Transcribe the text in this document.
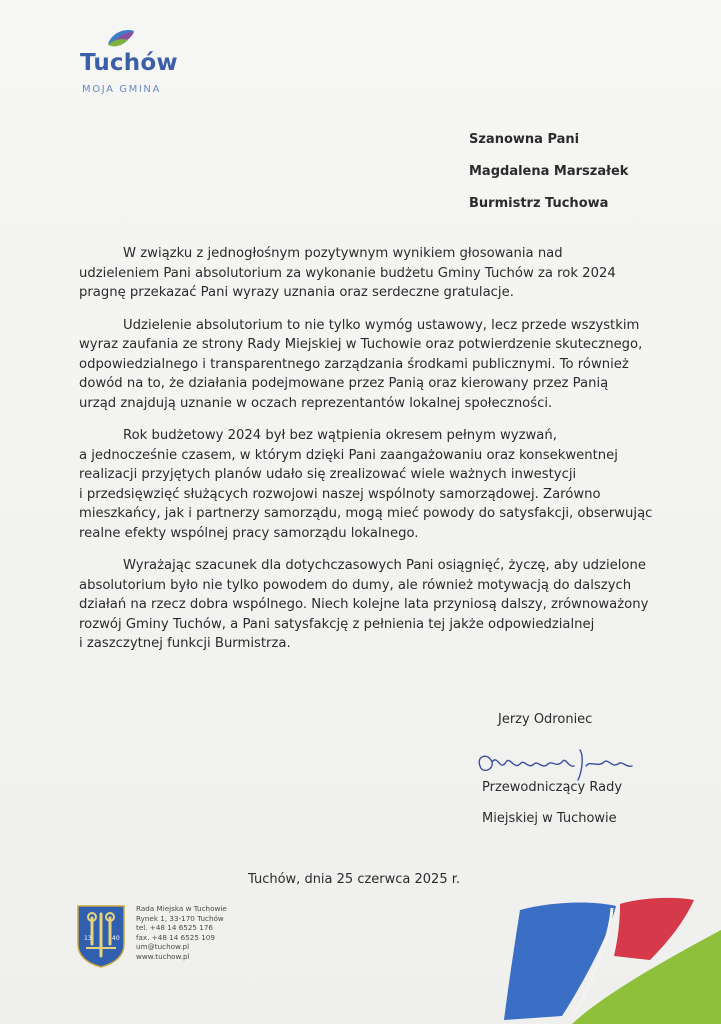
Tuchów
MOJA GMINA
Szanowna Pani
Magdalena Marszałek
Burmistrz Tuchowa
W związku z jednogłośnym pozytywnym wynikiem głosowania nad
udzieleniem Pani absolutorium za wykonanie budżetu Gminy Tuchów za rok 2024
pragnę przekazać Pani wyrazy uznania oraz serdeczne gratulacje.
Udzielenie absolutorium to nie tylko wymóg ustawowy, lecz przede wszystkim
wyraz zaufania ze strony Rady Miejskiej w Tuchowie oraz potwierdzenie skutecznego,
odpowiedzialnego i transparentnego zarządzania środkami publicznymi. To również
dowód na to, że działania podejmowane przez Panią oraz kierowany przez Panią
urząd znajdują uznanie w oczach reprezentantów lokalnej społeczności.
Rok budżetowy 2024 był bez wątpienia okresem pełnym wyzwań,
a jednocześnie czasem, w którym dzięki Pani zaangażowaniu oraz konsekwentnej
realizacji przyjętych planów udało się zrealizować wiele ważnych inwestycji
i przedsięwzięć służących rozwojowi naszej wspólnoty samorządowej. Zarówno
mieszkańcy, jak i partnerzy samorządu, mogą mieć powody do satysfakcji, obserwując
realne efekty wspólnej pracy samorządu lokalnego.
Wyrażając szacunek dla dotychczasowych Pani osiągnięć, życzę, aby udzielone
absolutorium było nie tylko powodem do dumy, ale również motywacją do dalszych
działań na rzecz dobra wspólnego. Niech kolejne lata przyniosą dalszy, zrównoważony
rozwój Gminy Tuchów, a Pani satysfakcję z pełnienia tej jakże odpowiedzialnej
i zaszczytnej funkcji Burmistrza.
Jerzy Odroniec
Przewodniczący Rady
Miejskiej w Tuchowie
Tuchów, dnia 25 czerwca 2025 r.
13	40
Rada Miejska w Tuchowie
Rynek 1, 33-170 Tuchów
tel. +48 14 6525 176
fax. +48 14 6525 109
um@tuchow.pl
www.tuchow.pl
